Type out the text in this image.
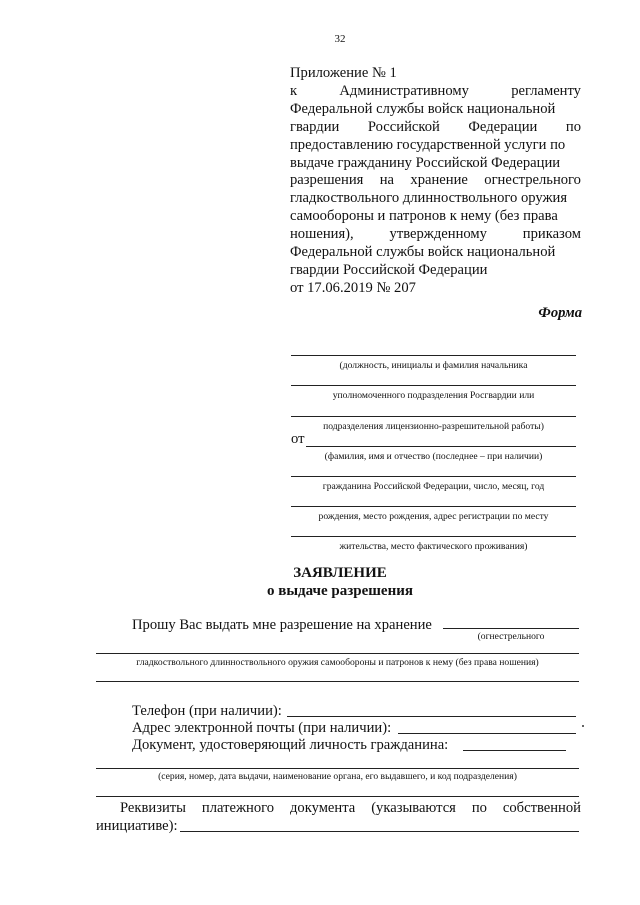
32
Приложение № 1
к	Административному	регламенту
Федеральной службы войск национальной
гвардии Российской Федерации по
предоставлению государственной услуги по
выдаче гражданину Российской Федерации
разрешения на хранение огнестрельного
гладкоствольного длинноствольного оружия
самообороны и патронов к нему (без права
ношения), утвержденному приказом
Федеральной службы войск национальной
гвардии Российской Федерации
от 17.06.2019 № 207
Форма
(должность, инициалы и фамилия начальника
уполномоченного подразделения Росгвардии или
подразделения лицензионно-разрешительной работы)
от
(фамилия, имя и отчество (последнее – при наличии)
гражданина Российской Федерации, число, месяц, год
рождения, место рождения, адрес регистрации по месту
жительства, место фактического проживания)
ЗАЯВЛЕНИЕ
о выдаче разрешения
Прошу Вас выдать мне разрешение на хранение
(огнестрельного
гладкоствольного длинноствольного оружия самообороны и патронов к нему (без права ношения)
Телефон (при наличии):
Адрес электронной почты (при наличии):
Документ, удостоверяющий личность гражданина:
(серия, номер, дата выдачи, наименование органа, его выдавшего, и код подразделения)
Реквизиты платежного документа (указываются по собственной
инициативе):
